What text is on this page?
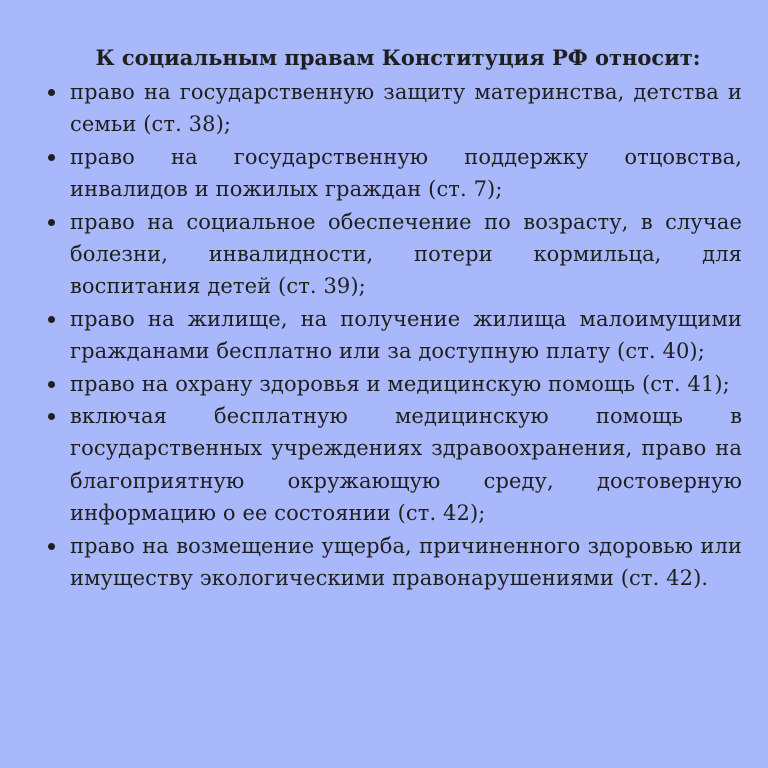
К социальным правам Конституция РФ относит:
право на государственную защиту материнства, детства и семьи (ст. 38);
право на государственную поддержку отцовства, инвалидов и пожилых граждан (ст. 7);
право на социальное обеспечение по возрасту, в случае болезни, инвалидности, потери кормильца, для воспитания детей (ст. 39);
право на жилище, на получение жилища малоимущими гражданами бесплатно или за доступную плату (ст. 40);
право на охрану здоровья и медицинскую помощь (ст. 41);
включая бесплатную медицинскую помощь в государственных учреждениях здравоохранения, право на благоприятную окружающую среду, достоверную информацию о ее состоянии (ст. 42);
право на возмещение ущерба, причиненного здоровью или имуществу экологическими правонарушениями (ст. 42).
